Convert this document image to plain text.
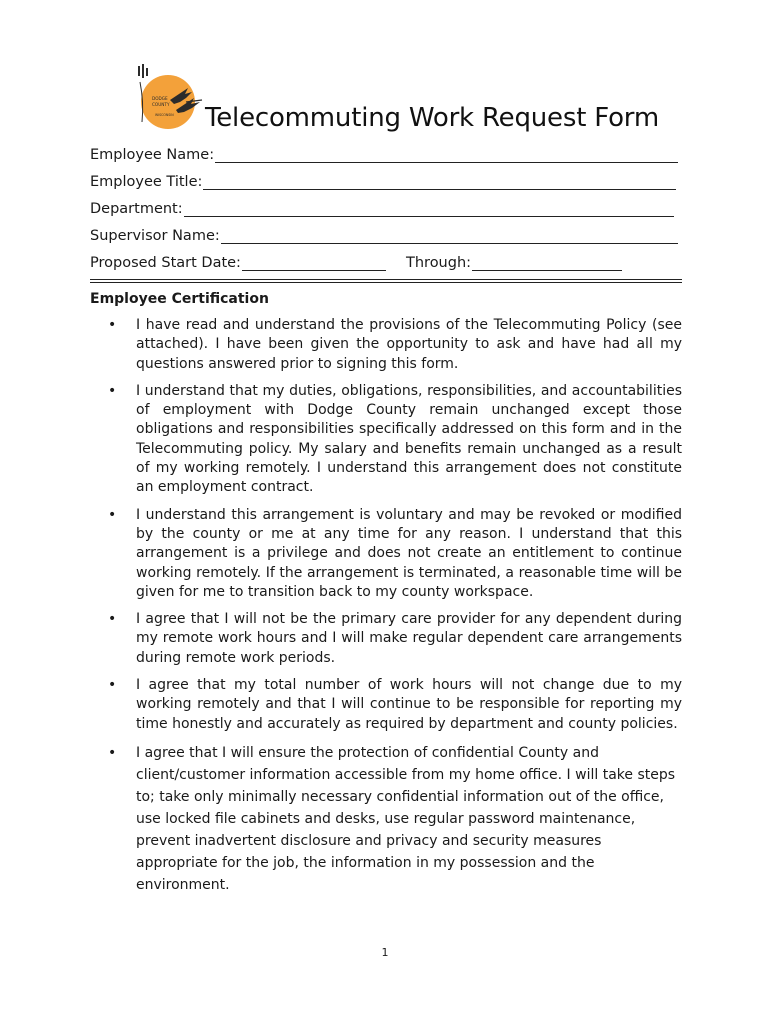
DODGE
COUNTY
WISCONSIN Telecommuting Work Request Form
Employee Name:
Employee Title:
Department:
Supervisor Name:
Proposed Start Date:	Through:
Employee Certification
• I have read and understand the provisions of the Telecommuting Policy (see attached). I have been given the opportunity to ask and have had all my questions answered prior to signing this form.
• I understand that my duties, obligations, responsibilities, and accountabilities of employment with Dodge County remain unchanged except those obligations and responsibilities specifically addressed on this form and in the Telecommuting policy. My salary and benefits remain unchanged as a result of my working remotely. I understand this arrangement does not constitute an employment contract.
• I understand this arrangement is voluntary and may be revoked or modified by the county or me at any time for any reason. I understand that this arrangement is a privilege and does not create an entitlement to continue working remotely. If the arrangement is terminated, a reasonable time will be given for me to transition back to my county workspace.
• I agree that I will not be the primary care provider for any dependent during my remote work hours and I will make regular dependent care arrangements during remote work periods.
• I agree that my total number of work hours will not change due to my working remotely and that I will continue to be responsible for reporting my time honestly and accurately as required by department and county policies.
• I agree that I will ensure the protection of confidential County and client/customer information accessible from my home office. I will take steps to; take only minimally necessary confidential information out of the office, use locked file cabinets and desks, use regular password maintenance, prevent inadvertent disclosure and privacy and security measures appropriate for the job, the information in my possession and the environment.
1
